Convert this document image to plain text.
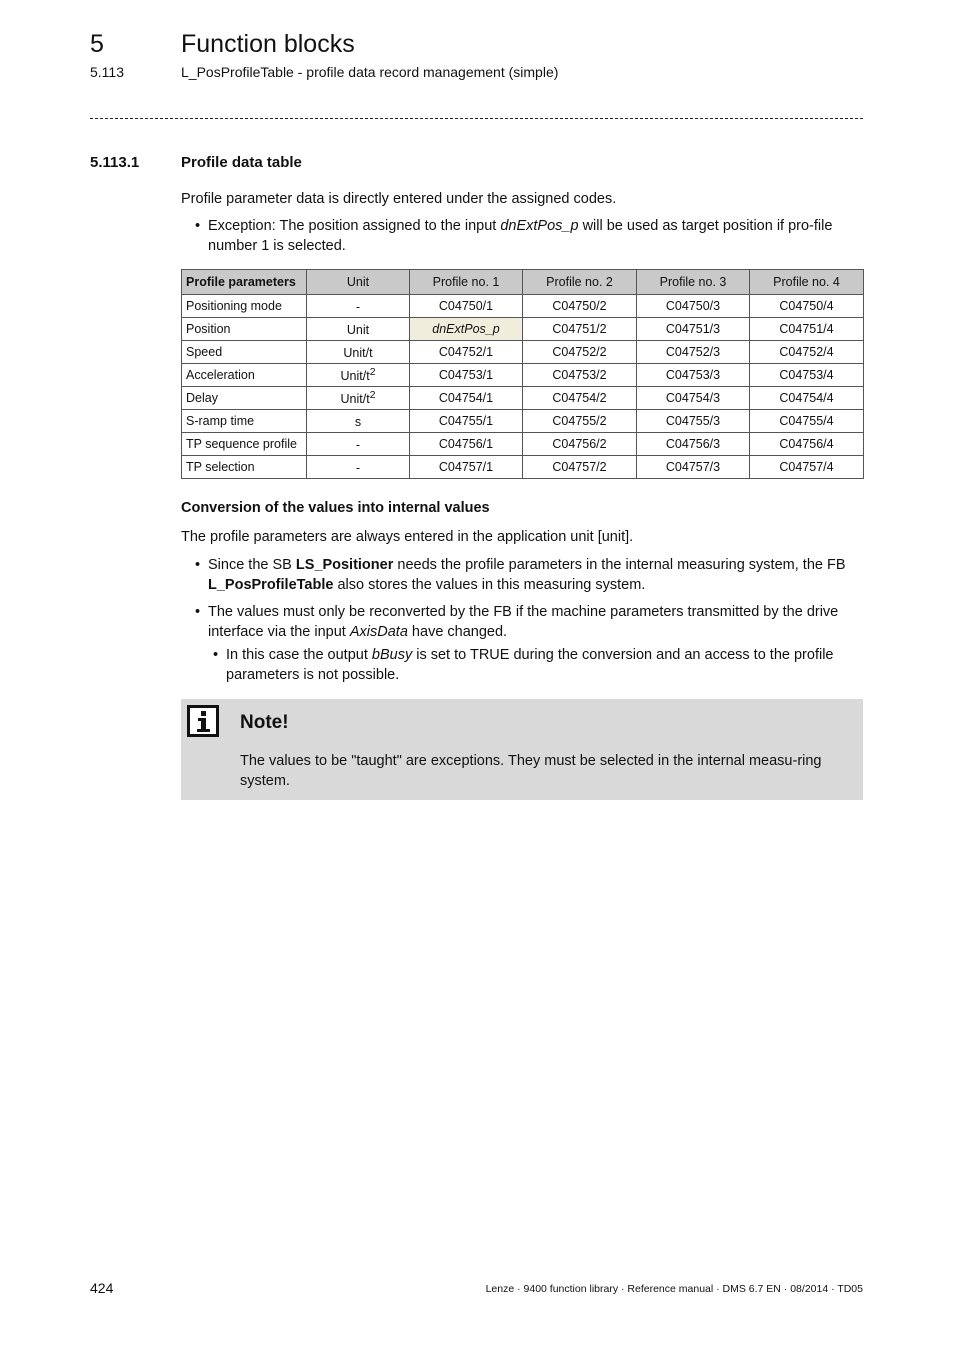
5	Function blocks
5.113	L_PosProfileTable - profile data record management (simple)
5.113.1	Profile data table

Profile parameter data is directly entered under the assigned codes.

• Exception: The position assigned to the input dnExtPos_p will be used as target position if pro-file number 1 is selected.

Profile parameters	Unit	Profile no. 1	Profile no. 2	Profile no. 3	Profile no. 4
Positioning mode	-	C04750/1	C04750/2	C04750/3	C04750/4
Position	Unit	dnExtPos_p	C04751/2	C04751/3	C04751/4
Speed	Unit/t	C04752/1	C04752/2	C04752/3	C04752/4
Acceleration	Unit/$t^2$	C04753/1	C04753/2	C04753/3	C04753/4
Delay	Unit/$t^2$	C04754/1	C04754/2	C04754/3	C04754/4
S-ramp time	s	C04755/1	C04755/2	C04755/3	C04755/4
TP sequence profile	-	C04756/1	C04756/2	C04756/3	C04756/4
TP selection	-	C04757/1	C04757/2	C04757/3	C04757/4
Conversion of the values into internal values

The profile parameters are always entered in the application unit [unit].

• Since the SB LS_Positioner needs the profile parameters in the internal measuring system, the FB L_PosProfileTable also stores the values in this measuring system.

• The values must only be reconverted by the FB if the machine parameters transmitted by the drive interface via the input AxisData have changed.

• In this case the output bBusy is set to TRUE during the conversion and an access to the profile parameters is not possible.

Note!
The values to be "taught" are exceptions. They must be selected in the internal measu-ring system.
424	Lenze · 9400 function library · Reference manual · DMS 6.7 EN · 08/2014 · TD05
